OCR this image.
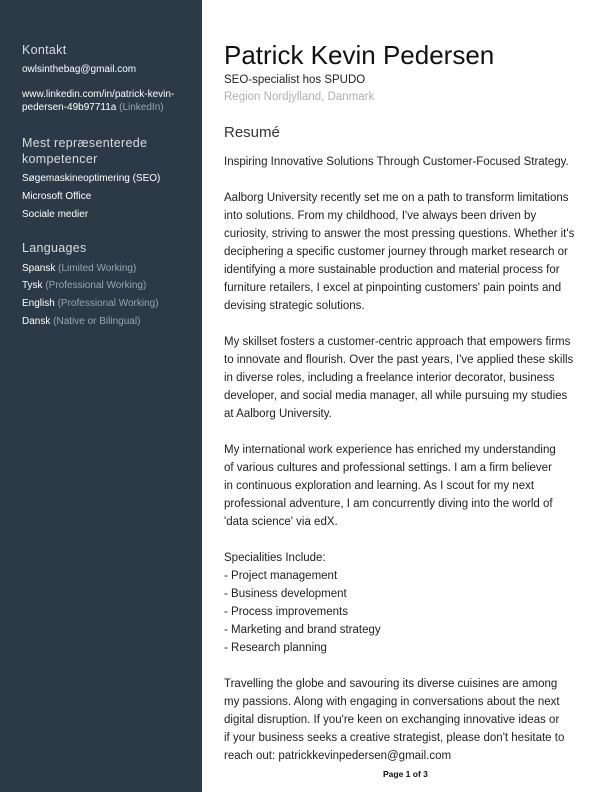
Kontakt
owlsinthebag@gmail.com
www.linkedin.com/in/patrick-kevin-
pedersen-49b97711a (LinkedIn)
Mest repræsenterede
kompetencer
Søgemaskineoptimering (SEO)
Microsoft Office
Sociale medier
Languages
Spansk (Limited Working)
Tysk (Professional Working)
English (Professional Working)
Dansk (Native or Bilingual)
Patrick Kevin Pedersen
SEO-specialist hos SPUDO
Region Nordjylland, Danmark
Resumé
Inspiring Innovative Solutions Through Customer-Focused Strategy.
Aalborg University recently set me on a path to transform limitations
into solutions. From my childhood, I've always been driven by
curiosity, striving to answer the most pressing questions. Whether it's
deciphering a specific customer journey through market research or
identifying a more sustainable production and material process for
furniture retailers, I excel at pinpointing customers' pain points and
devising strategic solutions.
My skillset fosters a customer-centric approach that empowers firms
to innovate and flourish. Over the past years, I've applied these skills
in diverse roles, including a freelance interior decorator, business
developer, and social media manager, all while pursuing my studies
at Aalborg University.
My international work experience has enriched my understanding
of various cultures and professional settings. I am a firm believer
in continuous exploration and learning. As I scout for my next
professional adventure, I am concurrently diving into the world of
'data science' via edX.
Specialities Include:
- Project management
- Business development
- Process improvements
- Marketing and brand strategy
- Research planning
Travelling the globe and savouring its diverse cuisines are among
my passions. Along with engaging in conversations about the next
digital disruption. If you're keen on exchanging innovative ideas or
if your business seeks a creative strategist, please don't hesitate to
reach out: patrickkevinpedersen@gmail.com
Page 1 of 3
